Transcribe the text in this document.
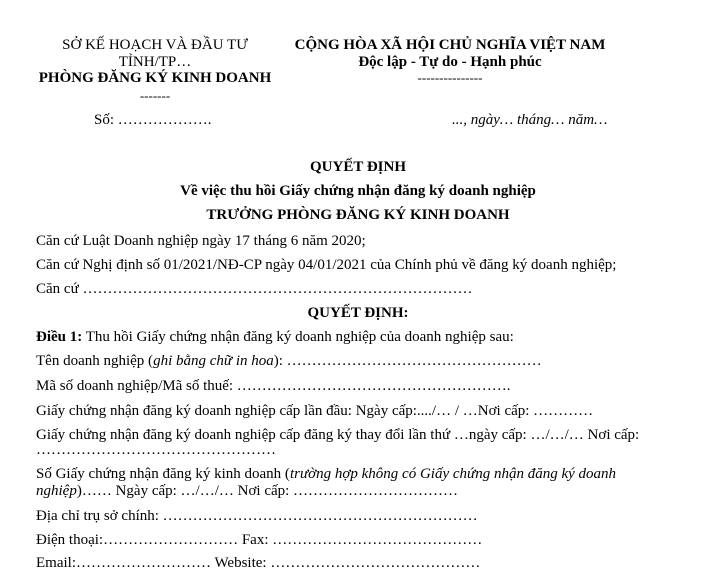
SỞ KẾ HOẠCH VÀ ĐẦU TƯ
TỈNH/TP…
PHÒNG ĐĂNG KÝ KINH DOANH
-------
Số: ……………….
CỘNG HÒA XÃ HỘI CHỦ NGHĨA VIỆT NAM
Độc lập - Tự do - Hạnh phúc
---------------
..., ngày… tháng… năm…
QUYẾT ĐỊNH
Về việc thu hồi Giấy chứng nhận đăng ký doanh nghiệp
TRƯỞNG PHÒNG ĐĂNG KÝ KINH DOANH
Căn cứ Luật Doanh nghiệp ngày 17 tháng 6 năm 2020;
Căn cứ Nghị định số 01/2021/NĐ-CP ngày 04/01/2021 của Chính phủ về đăng ký doanh nghiệp;
Căn cứ ……………………………………………………………………
QUYẾT ĐỊNH:
Điều 1: Thu hồi Giấy chứng nhận đăng ký doanh nghiệp của doanh nghiệp sau:
Tên doanh nghiệp (ghi bằng chữ in hoa): ……………………………………………
Mã số doanh nghiệp/Mã số thuế: ……………………………………………….
Giấy chứng nhận đăng ký doanh nghiệp cấp lần đầu: Ngày cấp:..../… / …Nơi cấp: …………
Giấy chứng nhận đăng ký doanh nghiệp cấp đăng ký thay đổi lần thứ …ngày cấp: …/…/… Nơi cấp:
…………………………………………
Số Giấy chứng nhận đăng ký kinh doanh (trường hợp không có Giấy chứng nhận đăng ký doanh
nghiệp)…… Ngày cấp: …/…/… Nơi cấp: ……………………………
Địa chỉ trụ sở chính: ………………………………………………………
Điện thoại:……………………… Fax: ……………………………………
Email:……………………… Website: ……………………………………
